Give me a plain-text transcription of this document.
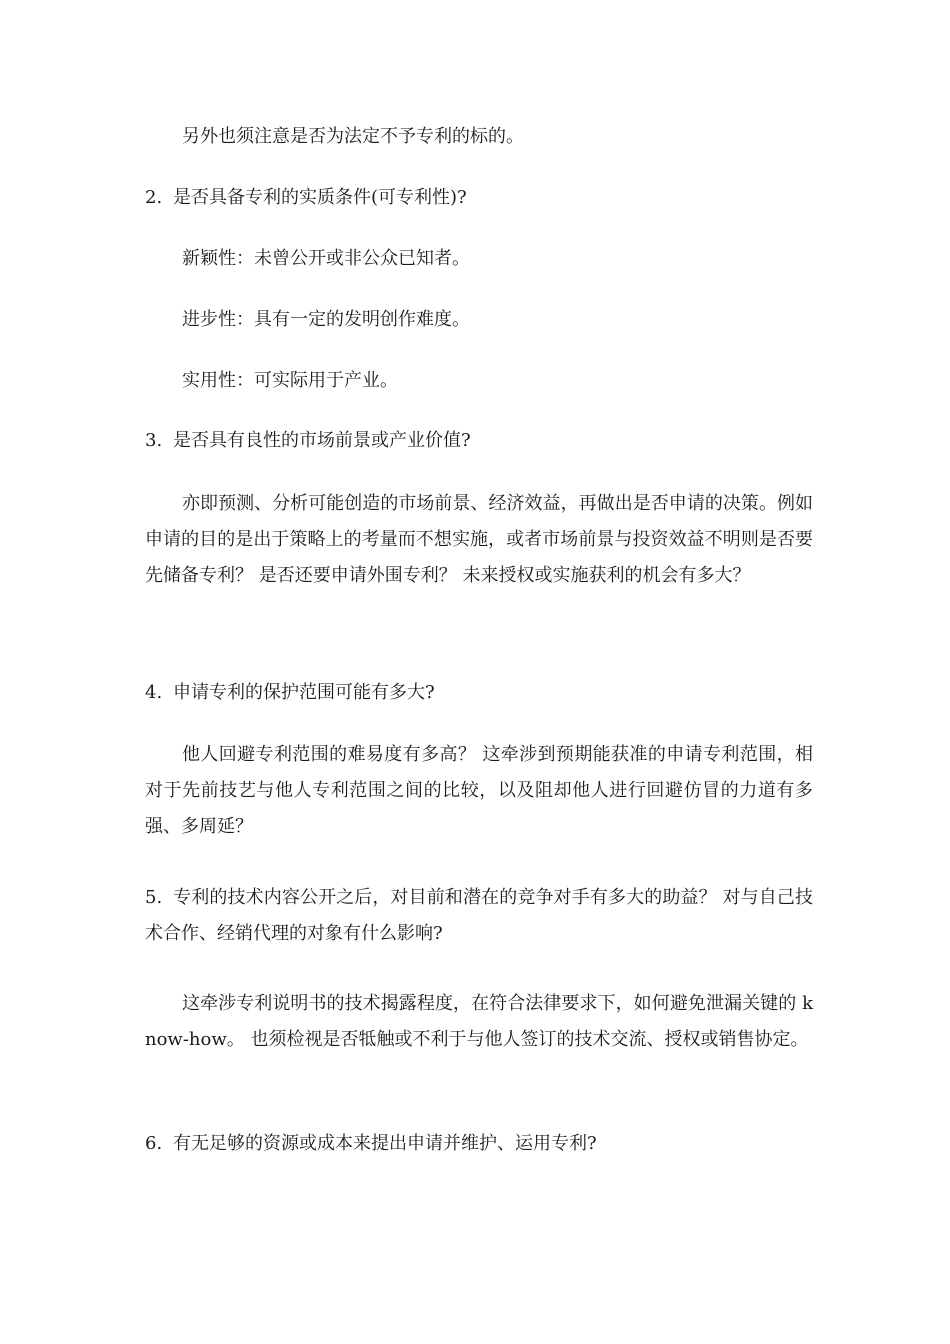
另外也须注意是否为法定不予专利的标的。

2. 是否具备专利的实质条件(可专利性)?

新颖性：未曾公开或非公众已知者。

进步性：具有一定的发明创作难度。

实用性：可实际用于产业。

3. 是否具有良性的市场前景或产业价值?

亦即预测、分析可能创造的市场前景、经济效益，再做出是否申请的决策。例如申请的目的是出于策略上的考量而不想实施，或者市场前景与投资效益不明则是否要先储备专利？ 是否还要申请外围专利？ 未来授权或实施获利的机会有多大？

4. 申请专利的保护范围可能有多大?

他人回避专利范围的难易度有多高？ 这牵涉到预期能获准的申请专利范围，相对于先前技艺与他人专利范围之间的比较，以及阻却他人进行回避仿冒的力道有多强、多周延？

5. 专利的技术内容公开之后，对目前和潜在的竞争对手有多大的助益？ 对与自己技术合作、经销代理的对象有什么影响?

这牵涉专利说明书的技术揭露程度，在符合法律要求下，如何避免泄漏关键的 know-how。 也须检视是否牴触或不利于与他人签订的技术交流、授权或销售协定。

6. 有无足够的资源或成本来提出申请并维护、运用专利?
